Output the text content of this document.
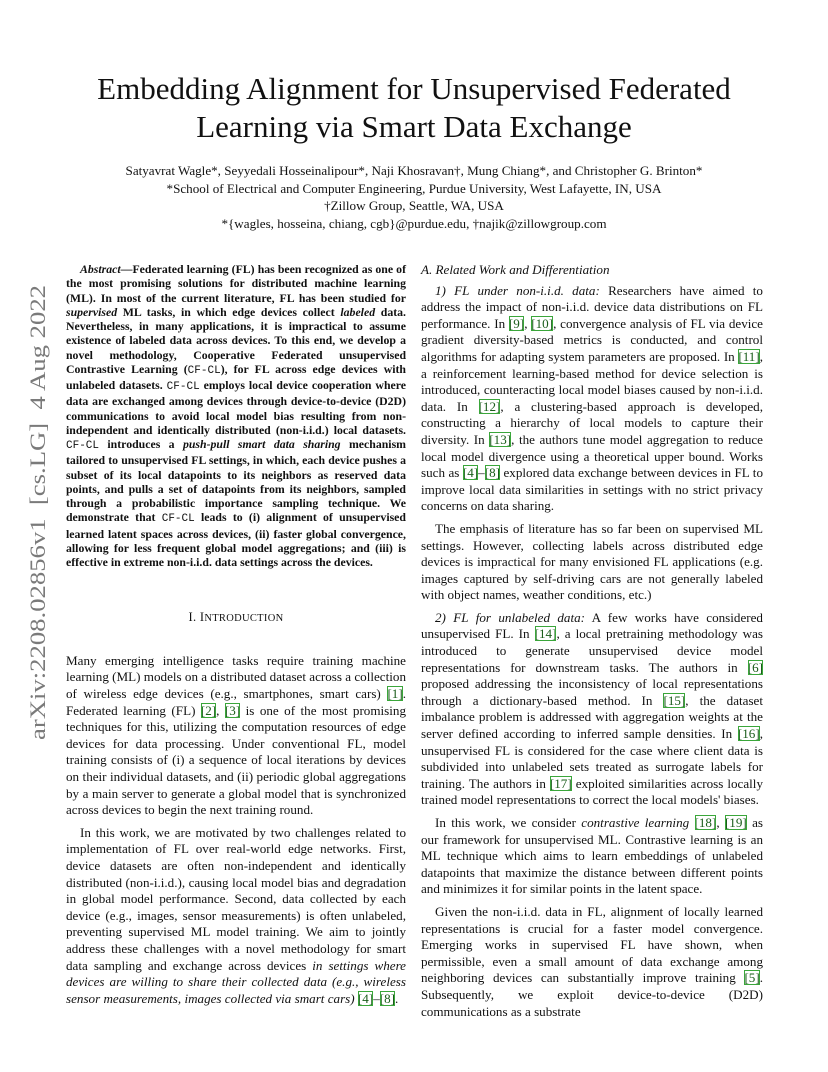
arXiv:2208.02856v1  [cs.LG]  4 Aug 2022
Embedding Alignment for Unsupervised Federated Learning via Smart Data Exchange
Satyavrat Wagle*, Seyyedali Hosseinalipour*, Naji Khosravan†, Mung Chiang*, and Christopher G. Brinton*
*School of Electrical and Computer Engineering, Purdue University, West Lafayette, IN, USA
†Zillow Group, Seattle, WA, USA
*{wagles, hosseina, chiang, cgb}@purdue.edu, †najik@zillowgroup.com

Abstract—Federated learning (FL) has been recognized as one of the most promising solutions for distributed machine learning (ML). In most of the current literature, FL has been studied for supervised ML tasks, in which edge devices collect labeled data. Nevertheless, in many applications, it is impractical to assume existence of labeled data across devices. To this end, we develop a novel methodology, Cooperative Federated unsupervised Contrastive Learning (CF-CL), for FL across edge devices with unlabeled datasets. CF-CL employs local device cooperation where data are exchanged among devices through device-to-device (D2D) communications to avoid local model bias resulting from non-independent and identically distributed (non-i.i.d.) local datasets. CF-CL introduces a push-pull smart data sharing mechanism tailored to unsupervised FL settings, in which, each device pushes a subset of its local datapoints to its neighbors as reserved data points, and pulls a set of datapoints from its neighbors, sampled through a probabilistic importance sampling technique. We demonstrate that CF-CL leads to (i) alignment of unsupervised learned latent spaces across devices, (ii) faster global convergence, allowing for less frequent global model aggregations; and (iii) is effective in extreme non-i.i.d. data settings across the devices.

I. INTRODUCTION

Many emerging intelligence tasks require training machine learning (ML) models on a distributed dataset across a collection of wireless edge devices (e.g., smartphones, smart cars) [1]. Federated learning (FL) [2], [3] is one of the most promising techniques for this, utilizing the computation resources of edge devices for data processing. Under conventional FL, model training consists of (i) a sequence of local iterations by devices on their individual datasets, and (ii) periodic global aggregations by a main server to generate a global model that is synchronized across devices to begin the next training round.

In this work, we are motivated by two challenges related to implementation of FL over real-world edge networks. First, device datasets are often non-independent and identically distributed (non-i.i.d.), causing local model bias and degradation in global model performance. Second, data collected by each device (e.g., images, sensor measurements) is often unlabeled, preventing supervised ML model training. We aim to jointly address these challenges with a novel methodology for smart data sampling and exchange across devices in settings where devices are willing to share their collected data (e.g., wireless sensor measurements, images collected via smart cars) [4]–[8].

A. Related Work and Differentiation

1) FL under non-i.i.d. data: Researchers have aimed to address the impact of non-i.i.d. device data distributions on FL performance. In [9], [10], convergence analysis of FL via device gradient diversity-based metrics is conducted, and control algorithms for adapting system parameters are proposed. In [11], a reinforcement learning-based method for device selection is introduced, counteracting local model biases caused by non-i.i.d. data. In [12], a clustering-based approach is developed, constructing a hierarchy of local models to capture their diversity. In [13], the authors tune model aggregation to reduce local model divergence using a theoretical upper bound. Works such as [4]–[8] explored data exchange between devices in FL to improve local data similarities in settings with no strict privacy concerns on data sharing.

The emphasis of literature has so far been on supervised ML settings. However, collecting labels across distributed edge devices is impractical for many envisioned FL applications (e.g. images captured by self-driving cars are not generally labeled with object names, weather conditions, etc.)

2) FL for unlabeled data: A few works have considered unsupervised FL. In [14], a local pretraining methodology was introduced to generate unsupervised device model representations for downstream tasks. The authors in [6] proposed addressing the inconsistency of local representations through a dictionary-based method. In [15], the dataset imbalance problem is addressed with aggregation weights at the server defined according to inferred sample densities. In [16], unsupervised FL is considered for the case where client data is subdivided into unlabeled sets treated as surrogate labels for training. The authors in [17] exploited similarities across locally trained model representations to correct the local models' biases.

In this work, we consider contrastive learning [18], [19] as our framework for unsupervised ML. Contrastive learning is an ML technique which aims to learn embeddings of unlabeled datapoints that maximize the distance between different points and minimizes it for similar points in the latent space.

Given the non-i.i.d. data in FL, alignment of locally learned representations is crucial for a faster model convergence. Emerging works in supervised FL have shown, when permissible, even a small amount of data exchange among neighboring devices can substantially improve training [5]. Subsequently, we exploit device-to-device (D2D) communications as a substrate
